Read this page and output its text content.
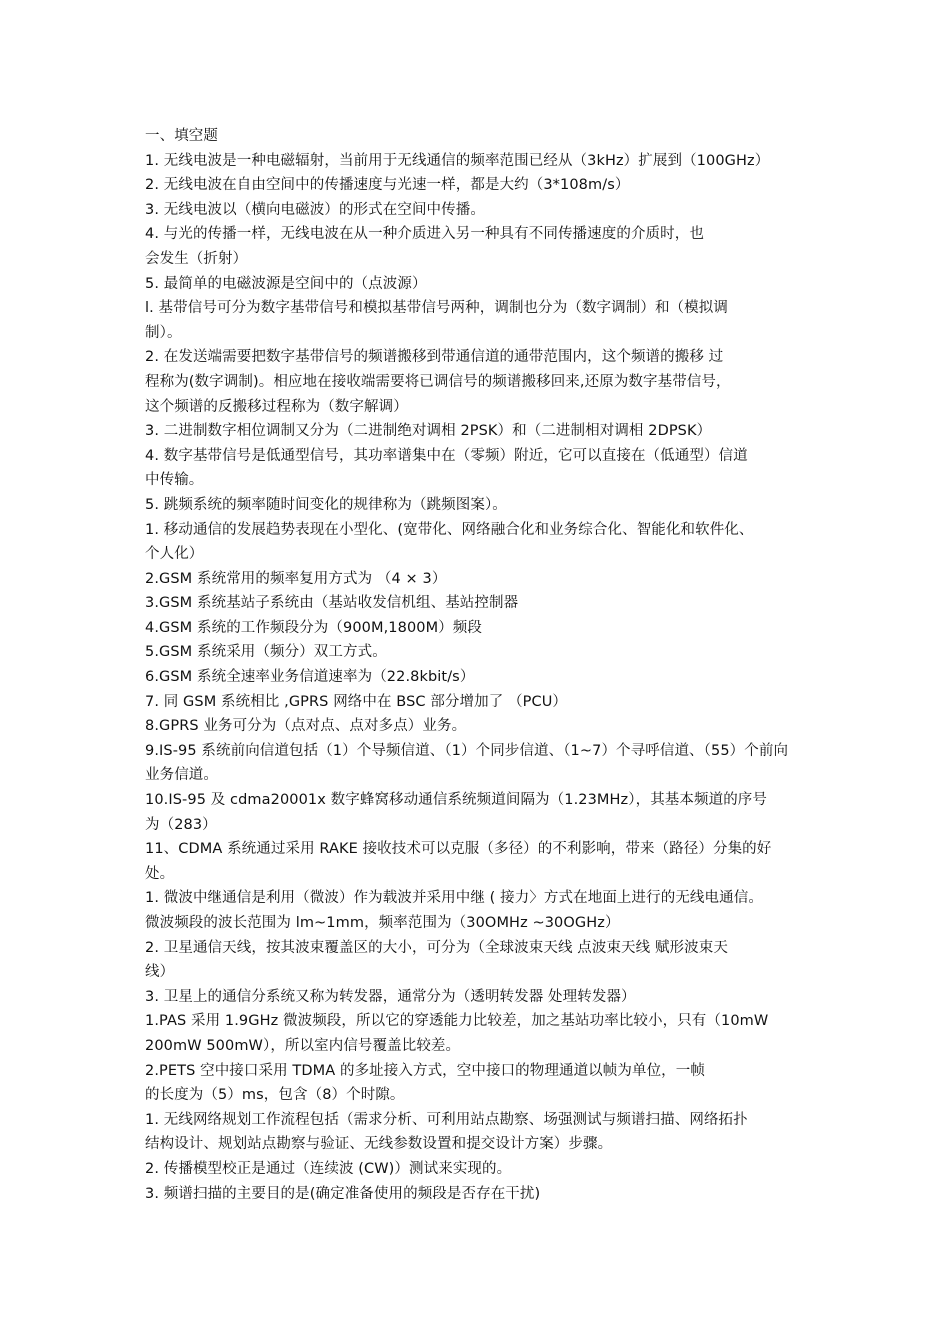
一、填空题
1. 无线电波是一种电磁辐射，当前用于无线通信的频率范围已经从（3kHz）扩展到（100GHz）
2. 无线电波在自由空间中的传播速度与光速一样，都是大约（3*108m/s）
3. 无线电波以（横向电磁波）的形式在空间中传播。
4. 与光的传播一样，无线电波在从一种介质进入另一种具有不同传播速度的介质时，也
会发生（折射）
5. 最简单的电磁波源是空间中的（点波源）
l. 基带信号可分为数字基带信号和模拟基带信号两种，调制也分为（数字调制）和（模拟调
制）。
2. 在发送端需要把数字基带信号的频谱搬移到带通信道的通带范围内，这个频谱的搬移 过
程称为(数字调制)。相应地在接收端需要将已调信号的频谱搬移回来,还原为数字基带信号，
这个频谱的反搬移过程称为（数字解调）
3. 二进制数字相位调制又分为（二进制绝对调相 2PSK）和（二进制相对调相 2DPSK）
4. 数字基带信号是低通型信号，其功率谱集中在（零频）附近，它可以直接在（低通型）信道
中传输。
5. 跳频系统的频率随时间变化的规律称为（跳频图案）。
1. 移动通信的发展趋势表现在小型化、(宽带化、网络融合化和业务综合化、智能化和软件化、
个人化）
2.GSM 系统常用的频率复用方式为 （4 × 3）
3.GSM 系统基站子系统由（基站收发信机组、基站控制器
4.GSM 系统的工作频段分为（900M,1800M）频段
5.GSM 系统采用（频分）双工方式。
6.GSM 系统全速率业务信道速率为（22.8kbit/s）
7. 同 GSM 系统相比 ,GPRS 网络中在 BSC 部分增加了 （PCU）
8.GPRS 业务可分为（点对点、点对多点）业务。
9.IS-95 系统前向信道包括（1）个导频信道、（1）个同步信道、（1~7）个寻呼信道、（55）个前向
业务信道。
10.IS-95 及 cdma20001x 数字蜂窝移动通信系统频道间隔为（1.23MHz），其基本频道的序号
为（283）
11、CDMA 系统通过采用 RAKE 接收技术可以克服（多径）的不利影响，带来（路径）分集的好
处。
1. 微波中继通信是利用（微波）作为载波并采用中继 ( 接力〉方式在地面上进行的无线电通信。
微波频段的波长范围为 lm~1mm，频率范围为（30OMHz ~30OGHz）
2. 卫星通信天线，按其波束覆盖区的大小，可分为（全球波束天线 点波束天线 赋形波束天
线）
3. 卫星上的通信分系统又称为转发器，通常分为（透明转发器 处理转发器）
1.PAS 采用 1.9GHz 微波频段，所以它的穿透能力比较差，加之基站功率比较小，只有（10mW
200mW 500mW），所以室内信号覆盖比较差。
2.PETS 空中接口采用 TDMA 的多址接入方式，空中接口的物理通道以帧为单位，一帧
的长度为（5）ms，包含（8）个时隙。
1. 无线网络规划工作流程包括（需求分析、可利用站点勘察、场强测试与频谱扫描、网络拓扑
结构设计、规划站点勘察与验证、无线参数设置和提交设计方案）步骤。
2. 传播模型校正是通过（连续波 (CW)）测试来实现的。
3. 频谱扫描的主要目的是(确定准备使用的频段是否存在干扰)
